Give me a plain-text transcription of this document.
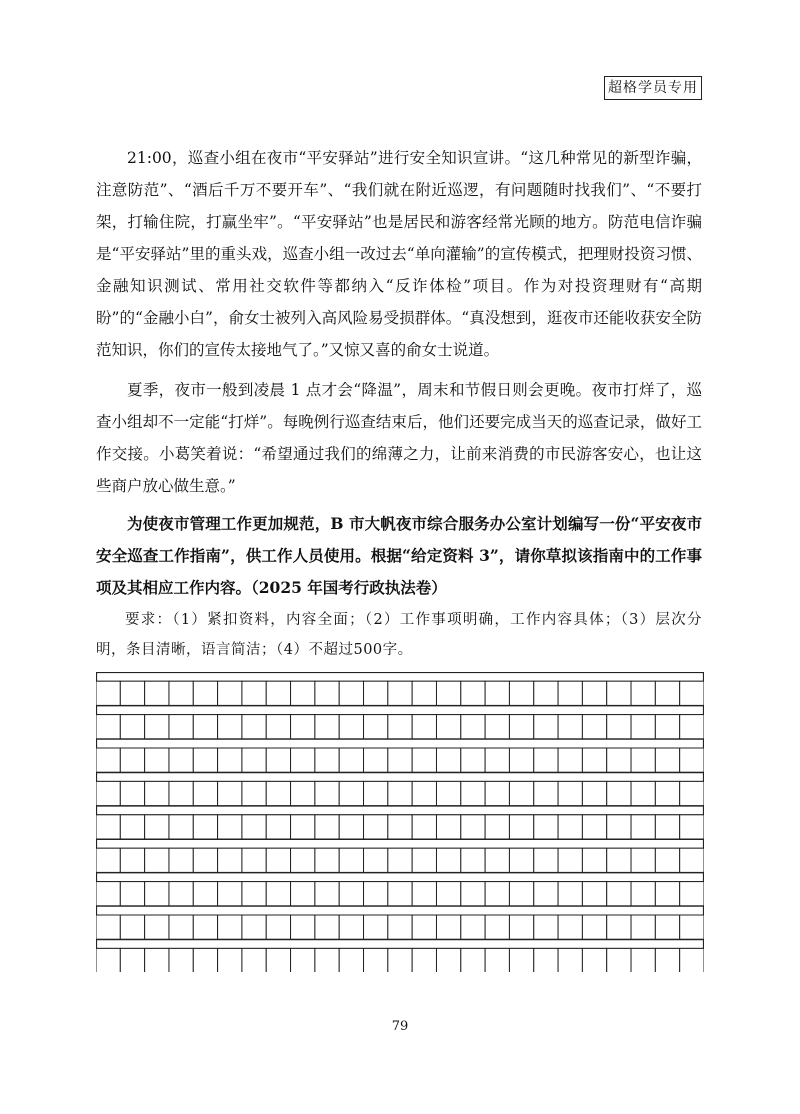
超格学员专用

21:00，巡查小组在夜市“平安驿站”进行安全知识宣讲。“这几种常见的新型诈骗，注意防范”、“酒后千万不要开车”、“我们就在附近巡逻，有问题随时找我们”、“不要打架，打输住院，打赢坐牢”。“平安驿站”也是居民和游客经常光顾的地方。防范电信诈骗是“平安驿站”里的重头戏，巡查小组一改过去“单向灌输”的宣传模式，把理财投资习惯、金融知识测试、常用社交软件等都纳入“反诈体检”项目。作为对投资理财有“高期盼”的“金融小白”，俞女士被列入高风险易受损群体。“真没想到，逛夜市还能收获安全防范知识，你们的宣传太接地气了。”又惊又喜的俞女士说道。

夏季，夜市一般到凌晨 1 点才会“降温”，周末和节假日则会更晚。夜市打烊了，巡查小组却不一定能“打烊”。每晚例行巡查结束后，他们还要完成当天的巡查记录，做好工作交接。小葛笑着说：“希望通过我们的绵薄之力，让前来消费的市民游客安心，也让这些商户放心做生意。”

为使夜市管理工作更加规范，B 市大帆夜市综合服务办公室计划编写一份“平安夜市安全巡查工作指南”，供工作人员使用。根据“给定资料 3”，请你草拟该指南中的工作事项及其相应工作内容。（2025 年国考行政执法卷）

要求：（1）紧扣资料，内容全面；（2）工作事项明确，工作内容具体；（3）层次分明，条目清晰，语言简洁；（4）不超过500字。

79
